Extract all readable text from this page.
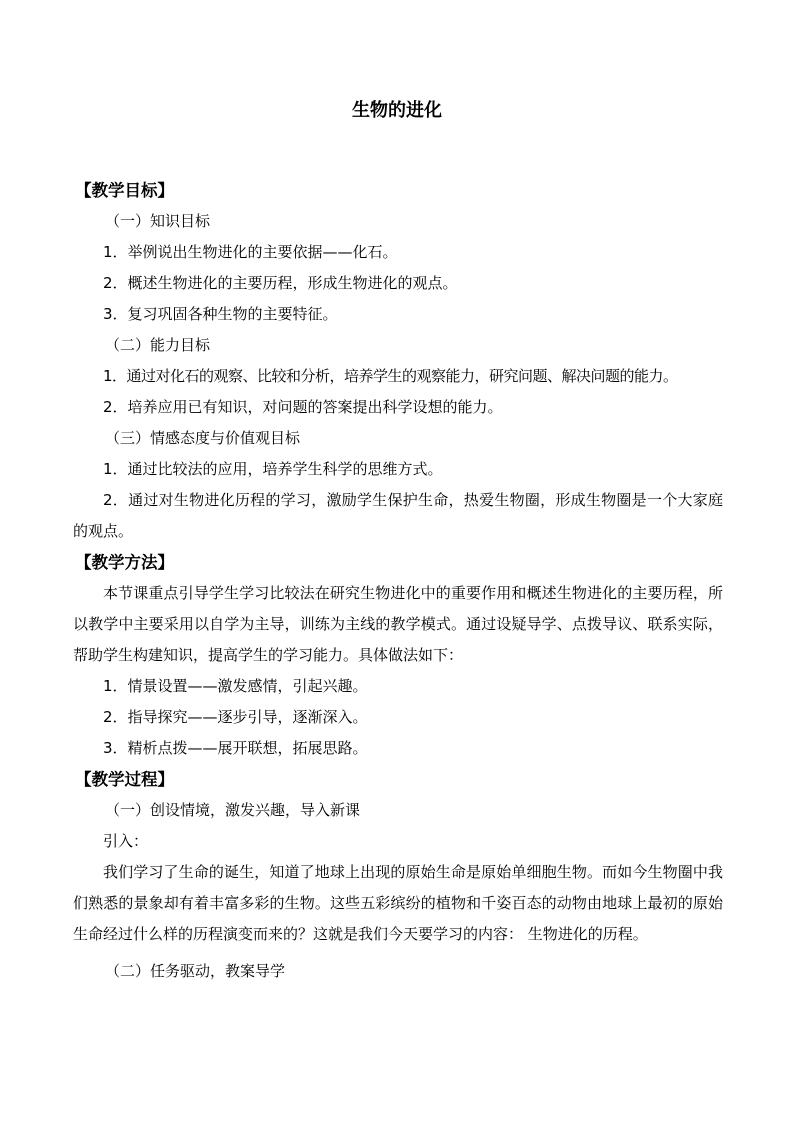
生物的进化
【教学目标】
（一）知识目标
1．举例说出生物进化的主要依据——化石。
2．概述生物进化的主要历程，形成生物进化的观点。
3．复习巩固各种生物的主要特征。
（二）能力目标
1．通过对化石的观察、比较和分析，培养学生的观察能力，研究问题、解决问题的能力。
2．培养应用已有知识，对问题的答案提出科学设想的能力。
（三）情感态度与价值观目标
1．通过比较法的应用，培养学生科学的思维方式。
2．通过对生物进化历程的学习，激励学生保护生命，热爱生物圈，形成生物圈是一个大家庭的观点。
【教学方法】
本节课重点引导学生学习比较法在研究生物进化中的重要作用和概述生物进化的主要历程，所以教学中主要采用以自学为主导，训练为主线的教学模式。通过设疑导学、点拨导议、联系实际，帮助学生构建知识，提高学生的学习能力。具体做法如下：
1．情景设置——激发感情，引起兴趣。
2．指导探究——逐步引导，逐渐深入。
3．精析点拨——展开联想，拓展思路。
【教学过程】
（一）创设情境，激发兴趣，导入新课
引入：
我们学习了生命的诞生，知道了地球上出现的原始生命是原始单细胞生物。而如今生物圈中我们熟悉的景象却有着丰富多彩的生物。这些五彩缤纷的植物和千姿百态的动物由地球上最初的原始生命经过什么样的历程演变而来的？这就是我们今天要学习的内容： 生物进化的历程。
（二）任务驱动，教案导学
